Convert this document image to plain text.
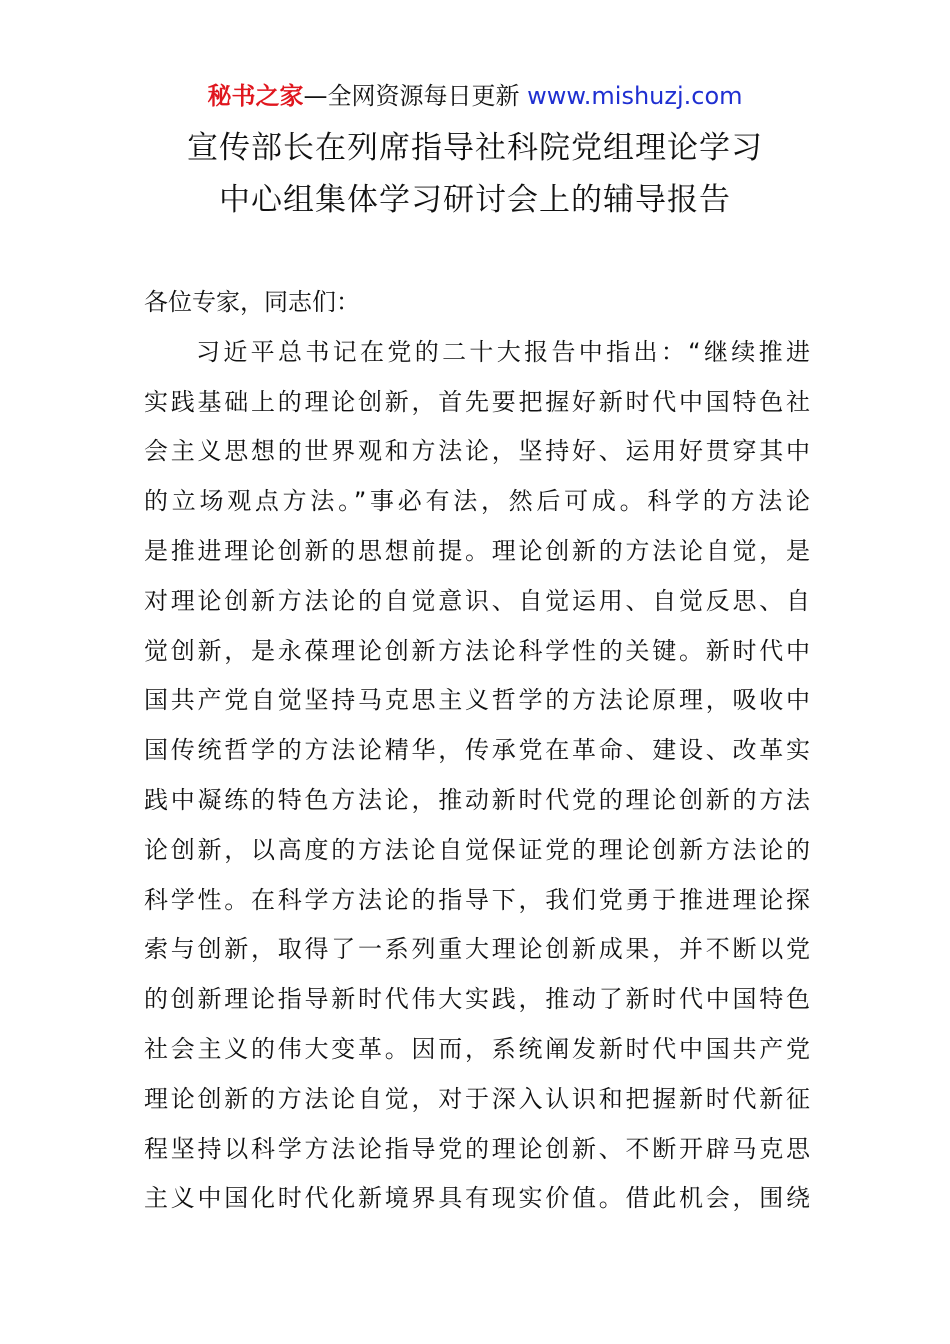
秘书之家—全网资源每日更新 www.mishuzj.com
宣传部长在列席指导社科院党组理论学习
中心组集体学习研讨会上的辅导报告
各位专家，同志们：
习近平总书记在党的二十大报告中指出：“继续推进
实践基础上的理论创新，首先要把握好新时代中国特色社
会主义思想的世界观和方法论，坚持好、运用好贯穿其中
的立场观点方法。”事必有法，然后可成。科学的方法论
是推进理论创新的思想前提。理论创新的方法论自觉，是
对理论创新方法论的自觉意识、自觉运用、自觉反思、自
觉创新，是永葆理论创新方法论科学性的关键。新时代中
国共产党自觉坚持马克思主义哲学的方法论原理，吸收中
国传统哲学的方法论精华，传承党在革命、建设、改革实
践中凝练的特色方法论，推动新时代党的理论创新的方法
论创新，以高度的方法论自觉保证党的理论创新方法论的
科学性。在科学方法论的指导下，我们党勇于推进理论探
索与创新，取得了一系列重大理论创新成果，并不断以党
的创新理论指导新时代伟大实践，推动了新时代中国特色
社会主义的伟大变革。因而，系统阐发新时代中国共产党
理论创新的方法论自觉，对于深入认识和把握新时代新征
程坚持以科学方法论指导党的理论创新、不断开辟马克思
主义中国化时代化新境界具有现实价值。借此机会，围绕
